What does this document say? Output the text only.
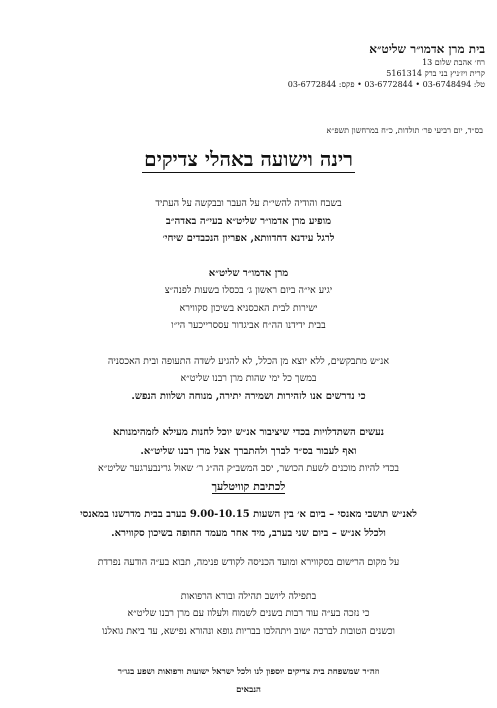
בית מרן אדמו״ר שליט״א
רח׳ אהבת שלום 13
קרית ויז׳ניץ בני ברק 5161314
טל: 03-6748494 • 03-6772844 • פקס: 03-6772844
בס״ד, יום רביעי פר׳ תולדות, כ״ח במרחשון תשפ״א
רינה וישועה באהלי צדיקים
בשבח והודיה להשי״ת על העבר ובבקשה על העתיד
מופיע מרן אדמו״ר שליט״א בעי״ה באדה״ב
לרגל עידנא דחדוותא, אפריון הנכבדים שיחי׳
מרן אדמו״ר שליט״א
יגיע אי״ה ביום ראשון ג׳ בכסלו בשעות לפנה״צ
ישירות לבית האכסניא בשיכון סקווירא
בבית ידידנו הה״ח אביגדור עססרייכער הי״ו
אנ״ש מתבקשים, ללא יוצא מן הכלל, לא להגיע לשדה התעופה ובית האכסניה
במשך כל ימי שהות מרן רבנו שליט״א
כי נדרשים אנו לזהירות ושמירה יתירה, מנוחה ושלוות הנפש.
נעשים השתדלויות בכדי שיציבור אנ״ש יוכל לחנות מעילא לזמהימנותא
ואף לעבור בס״ד לברך ולהתברך אצל מרן רבנו שליט״א.
בכדי להיות מוכנים לשעת הכושר, יסב המשב״ק הה״ג ר׳ שאול גרינבערגער שליט״א
לכתיבת קוויטלעך
לאנ״ש תושבי מאנסי – ביום א׳ בין השעות 9.00-10.15 בערב בבית מדרשנו במאנסי
ולכלל אנ״ש – ביום שני בערב, מיד אחר מעמד החופה בשיכון סקווירא.
על מקום הרישום בסקווירא ומועד הכניסה לקודש פנימה, תבוא בע״ה הודעה נפרדת
בתפילה ליושב תהילה ובורא הרפואות
כי נזכה בע״ה עוד רבות בשנים לשמוח ולעלוז עם מרן רבנו שליט״א
וכשנים הטובות לברכה ישוב ויתהלכו בבריות גופא ונהורא נפישא, עד ביאת גואלנו
וזה״ר שמשפחת בית צדיקים יוספון לנו ולכל ישראל ישועות ורפואות ושפע בגו״ר
הנבאים
